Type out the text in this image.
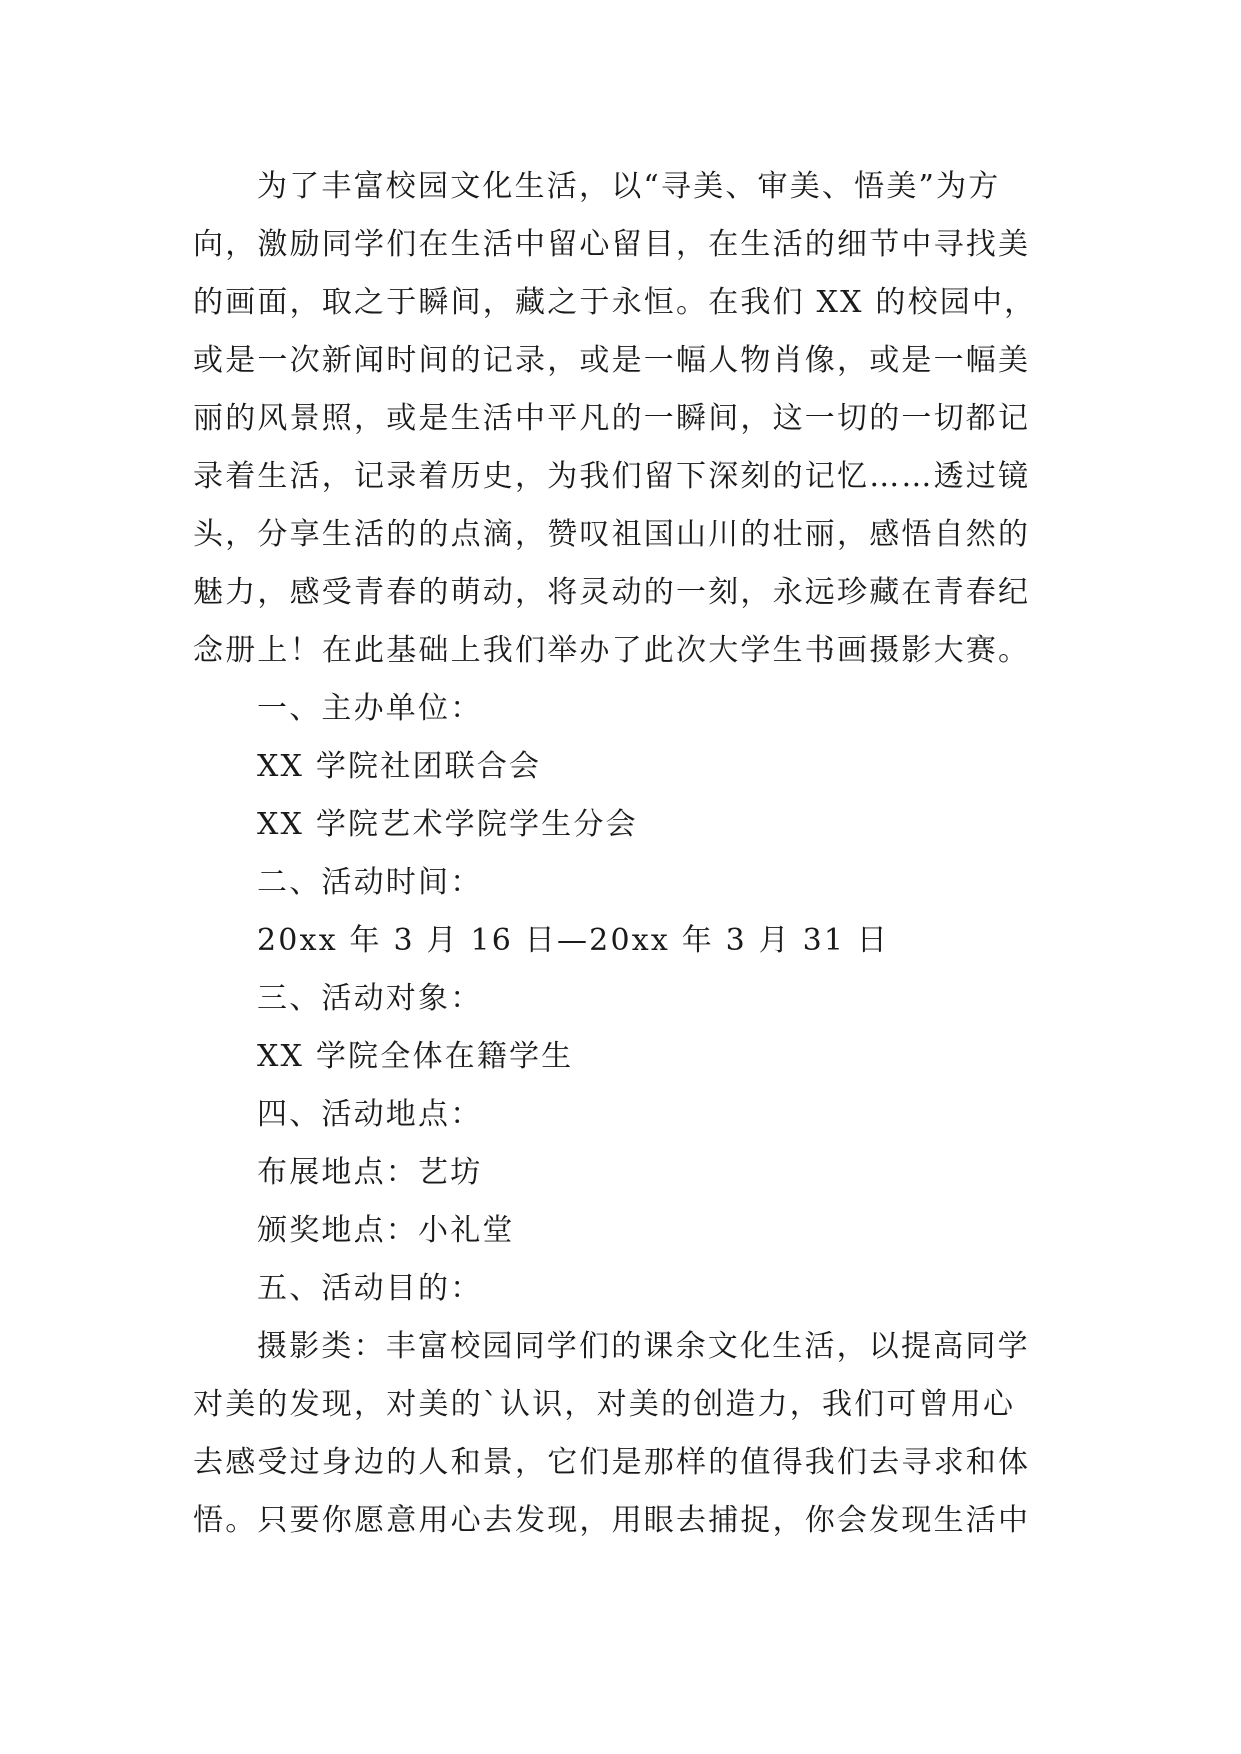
为了丰富校园文化生活，以“寻美、审美、悟美”为方
向，激励同学们在生活中留心留目，在生活的细节中寻找美
的画面，取之于瞬间，藏之于永恒。在我们 XX 的校园中，
或是一次新闻时间的记录，或是一幅人物肖像，或是一幅美
丽的风景照，或是生活中平凡的一瞬间，这一切的一切都记
录着生活，记录着历史，为我们留下深刻的记忆……透过镜
头，分享生活的的点滴，赞叹祖国山川的壮丽，感悟自然的
魅力，感受青春的萌动，将灵动的一刻，永远珍藏在青春纪
念册上！在此基础上我们举办了此次大学生书画摄影大赛。
一、主办单位：
XX 学院社团联合会
XX 学院艺术学院学生分会
二、活动时间：
20xx 年 3 月 16 日—20xx 年 3 月 31 日
三、活动对象：
XX 学院全体在籍学生
四、活动地点：
布展地点：艺坊
颁奖地点：小礼堂
五、活动目的：
摄影类：丰富校园同学们的课余文化生活，以提高同学
对美的发现，对美的`认识，对美的创造力，我们可曾用心
去感受过身边的人和景，它们是那样的值得我们去寻求和体
悟。只要你愿意用心去发现，用眼去捕捉，你会发现生活中
